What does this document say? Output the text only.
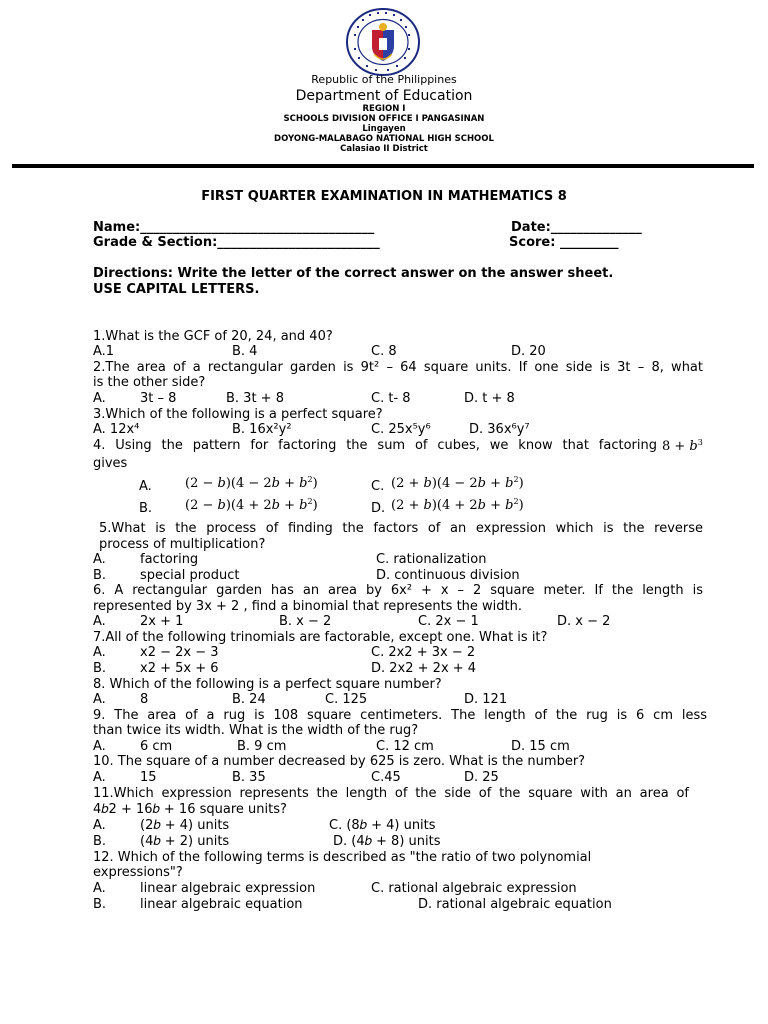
Republic of the Philippines
Department of Education
REGION I
SCHOOLS DIVISION OFFICE I PANGASINAN
Lingayen
DOYONG-MALABAGO NATIONAL HIGH SCHOOL
Calasiao II District
FIRST QUARTER EXAMINATION IN MATHEMATICS 8
Name:____________________________________	Date:______________
Grade & Section:_________________________	Score: _________
Directions: Write the letter of the correct answer on the answer sheet.
USE CAPITAL LETTERS.
1.What is the GCF of 20, 24, and 40?
A.1	B. 4	C. 8	D. 20
2.The area of a rectangular garden is 9t² – 64 square units. If one side is 3t – 8, what
is the other side?
A.	3t – 8	B. 3t + 8	C. t- 8	D. t + 8
3.Which of the following is a perfect square?
A. 12x⁴	B. 16x²y²	C. 25x⁵y⁶	D. 36x⁶y⁷
4. Using the pattern for factoring the sum of cubes, we know that factoring 8 + 𝑏$^3$
gives
A.	(2 − 𝑏)(4 − 2𝑏 + 𝑏$^2$)	C. (2 + 𝑏)(4 − 2𝑏 + 𝑏$^2$)
B.	(2 − 𝑏)(4 + 2𝑏 + 𝑏$^2$)	D. (2 + 𝑏)(4 + 2𝑏 + 𝑏$^2$)
5.What is the process of finding the factors of an expression which is the reverse
process of multiplication?
A.	factoring	C. rationalization
B.	special product	D. continuous division
6. A rectangular garden has an area by 6x² + x – 2 square meter. If the length is
represented by 3x + 2 , find a binomial that represents the width.
A.	2x + 1	B. x − 2	C. 2x − 1	D. x − 2
7.All of the following trinomials are factorable, except one. What is it?
A.	x2 − 2x − 3	C. 2x2 + 3x − 2
B.	x2 + 5x + 6	D. 2x2 + 2x + 4
8. Which of the following is a perfect square number?
A.	8	B. 24	C. 125	D. 121
9. The area of a rug is 108 square centimeters. The length of the rug is 6 cm less
than twice its width. What is the width of the rug?
A.	6 cm	B. 9 cm	C. 12 cm	D. 15 cm
10. The square of a number decreased by 625 is zero. What is the number?
A.	15	B. 35	C.45	D. 25
11.Which expression represents the length of the side of the square with an area of
4𝑏2 + 16𝑏 + 16 square units?
A.	(2𝑏 + 4) units	C. (8𝑏 + 4) units
B.	(4𝑏 + 2) units	D. (4𝑏 + 8) units
12. Which of the following terms is described as "the ratio of two polynomial
expressions"?
A.	linear algebraic expression	C. rational algebraic expression
B.	linear algebraic equation	D. rational algebraic equation
